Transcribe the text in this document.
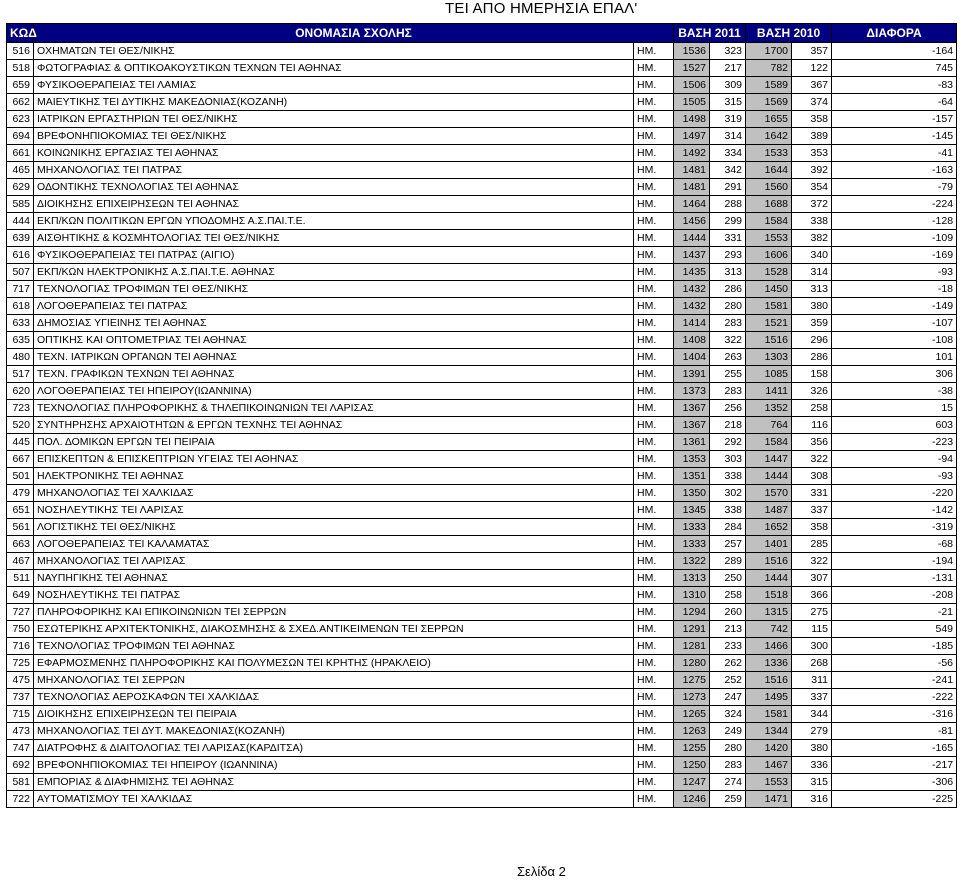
ΤΕΙ ΑΠΟ ΗΜΕΡΗΣΙΑ ΕΠΑΛ'
ΚΩΔ	ΟΝΟΜΑΣΙΑ ΣΧΟΛΗΣ		ΒΑΣΗ 2011		ΒΑΣΗ 2010		ΔΙΑΦΟΡΑ
516	ΟΧΗΜΑΤΩΝ ΤΕΙ ΘΕΣ/ΝΙΚΗΣ	ΗΜ.	1536	323	1700	357	-164
518	ΦΩΤΟΓΡΑΦΙΑΣ & ΟΠΤΙΚΟΑΚΟΥΣΤΙΚΩΝ ΤΕΧΝΩΝ ΤΕΙ ΑΘΗΝΑΣ	ΗΜ.	1527	217	782	122	745
659	ΦΥΣΙΚΟΘΕΡΑΠΕΙΑΣ ΤΕΙ ΛΑΜΙΑΣ	ΗΜ.	1506	309	1589	367	-83
662	ΜΑΙΕΥΤΙΚΗΣ ΤΕΙ ΔΥΤΙΚΗΣ ΜΑΚΕΔΟΝΙΑΣ(ΚΟΖΑΝΗ)	ΗΜ.	1505	315	1569	374	-64
623	ΙΑΤΡΙΚΩΝ ΕΡΓΑΣΤΗΡΙΩΝ ΤΕΙ ΘΕΣ/ΝΙΚΗΣ	ΗΜ.	1498	319	1655	358	-157
694	ΒΡΕΦΟΝΗΠΙΟΚΟΜΙΑΣ ΤΕΙ ΘΕΣ/ΝΙΚΗΣ	ΗΜ.	1497	314	1642	389	-145
661	ΚΟΙΝΩΝΙΚΗΣ ΕΡΓΑΣΙΑΣ ΤΕΙ ΑΘΗΝΑΣ	ΗΜ.	1492	334	1533	353	-41
465	ΜΗΧΑΝΟΛΟΓΙΑΣ ΤΕΙ ΠΑΤΡΑΣ	ΗΜ.	1481	342	1644	392	-163
629	ΟΔΟΝΤΙΚΗΣ ΤΕΧΝΟΛΟΓΙΑΣ ΤΕΙ ΑΘΗΝΑΣ	ΗΜ.	1481	291	1560	354	-79
585	ΔΙΟΙΚΗΣΗΣ ΕΠΙΧΕΙΡΗΣΕΩΝ ΤΕΙ ΑΘΗΝΑΣ	ΗΜ.	1464	288	1688	372	-224
444	ΕΚΠ/ΚΩΝ ΠΟΛΙΤΙΚΩΝ ΕΡΓΩΝ ΥΠΟΔΟΜΗΣ Α.Σ.ΠΑΙ.Τ.Ε.	ΗΜ.	1456	299	1584	338	-128
639	ΑΙΣΘΗΤΙΚΗΣ & ΚΟΣΜΗΤΟΛΟΓΙΑΣ ΤΕΙ ΘΕΣ/ΝΙΚΗΣ	ΗΜ.	1444	331	1553	382	-109
616	ΦΥΣΙΚΟΘΕΡΑΠΕΙΑΣ ΤΕΙ ΠΑΤΡΑΣ (ΑΙΓΙΟ)	ΗΜ.	1437	293	1606	340	-169
507	ΕΚΠ/ΚΩΝ ΗΛΕΚΤΡΟΝΙΚΗΣ Α.Σ.ΠΑΙ.Τ.Ε. ΑΘΗΝΑΣ	ΗΜ.	1435	313	1528	314	-93
717	ΤΕΧΝΟΛΟΓΙΑΣ ΤΡΟΦΙΜΩΝ ΤΕΙ ΘΕΣ/ΝΙΚΗΣ	ΗΜ.	1432	286	1450	313	-18
618	ΛΟΓΟΘΕΡΑΠΕΙΑΣ ΤΕΙ ΠΑΤΡΑΣ	ΗΜ.	1432	280	1581	380	-149
633	ΔΗΜΟΣΙΑΣ ΥΓΙΕΙΝΗΣ ΤΕΙ ΑΘΗΝΑΣ	ΗΜ.	1414	283	1521	359	-107
635	ΟΠΤΙΚΗΣ ΚΑΙ ΟΠΤΟΜΕΤΡΙΑΣ ΤΕΙ ΑΘΗΝΑΣ	ΗΜ.	1408	322	1516	296	-108
480	ΤΕΧΝ. ΙΑΤΡΙΚΩΝ ΟΡΓΑΝΩΝ ΤΕΙ ΑΘΗΝΑΣ	ΗΜ.	1404	263	1303	286	101
517	ΤΕΧΝ. ΓΡΑΦΙΚΩΝ ΤΕΧΝΩΝ ΤΕΙ ΑΘΗΝΑΣ	ΗΜ.	1391	255	1085	158	306
620	ΛΟΓΟΘΕΡΑΠΕΙΑΣ ΤΕΙ ΗΠΕΙΡΟΥ(ΙΩΑΝΝΙΝΑ)	ΗΜ.	1373	283	1411	326	-38
723	ΤΕΧΝΟΛΟΓΙΑΣ ΠΛΗΡΟΦΟΡΙΚΗΣ & ΤΗΛΕΠΙΚΟΙΝΩΝΙΩΝ ΤΕΙ ΛΑΡΙΣΑΣ	ΗΜ.	1367	256	1352	258	15
520	ΣΥΝΤΗΡΗΣΗΣ ΑΡΧΑΙΟΤΗΤΩΝ & ΕΡΓΩΝ ΤΕΧΝΗΣ ΤΕΙ ΑΘΗΝΑΣ	ΗΜ.	1367	218	764	116	603
445	ΠΟΛ. ΔΟΜΙΚΩΝ ΕΡΓΩΝ ΤΕΙ ΠΕΙΡΑΙΑ	ΗΜ.	1361	292	1584	356	-223
667	ΕΠΙΣΚΕΠΤΩΝ & ΕΠΙΣΚΕΠΤΡΙΩΝ ΥΓΕΙΑΣ ΤΕΙ ΑΘΗΝΑΣ	ΗΜ.	1353	303	1447	322	-94
501	ΗΛΕΚΤΡΟΝΙΚΗΣ ΤΕΙ ΑΘΗΝΑΣ	ΗΜ.	1351	338	1444	308	-93
479	ΜΗΧΑΝΟΛΟΓΙΑΣ ΤΕΙ ΧΑΛΚΙΔΑΣ	ΗΜ.	1350	302	1570	331	-220
651	ΝΟΣΗΛΕΥΤΙΚΗΣ ΤΕΙ ΛΑΡΙΣΑΣ	ΗΜ.	1345	338	1487	337	-142
561	ΛΟΓΙΣΤΙΚΗΣ ΤΕΙ ΘΕΣ/ΝΙΚΗΣ	ΗΜ.	1333	284	1652	358	-319
663	ΛΟΓΟΘΕΡΑΠΕΙΑΣ ΤΕΙ ΚΑΛΑΜΑΤΑΣ	ΗΜ.	1333	257	1401	285	-68
467	ΜΗΧΑΝΟΛΟΓΙΑΣ ΤΕΙ ΛΑΡΙΣΑΣ	ΗΜ.	1322	289	1516	322	-194
511	ΝΑΥΠΗΓΙΚΗΣ ΤΕΙ ΑΘΗΝΑΣ	ΗΜ.	1313	250	1444	307	-131
649	ΝΟΣΗΛΕΥΤΙΚΗΣ ΤΕΙ ΠΑΤΡΑΣ	ΗΜ.	1310	258	1518	366	-208
727	ΠΛΗΡΟΦΟΡΙΚΗΣ ΚΑΙ ΕΠΙΚΟΙΝΩΝΙΩΝ ΤΕΙ ΣΕΡΡΩΝ	ΗΜ.	1294	260	1315	275	-21
750	ΕΣΩΤΕΡΙΚΗΣ ΑΡΧΙΤΕΚΤΟΝΙΚΗΣ, ΔΙΑΚΟΣΜΗΣΗΣ & ΣΧΕΔ.ΑΝΤΙΚΕΙΜΕΝΩΝ ΤΕΙ ΣΕΡΡΩΝ	ΗΜ.	1291	213	742	115	549
716	ΤΕΧΝΟΛΟΓΙΑΣ ΤΡΟΦΙΜΩΝ ΤΕΙ ΑΘΗΝΑΣ	ΗΜ.	1281	233	1466	300	-185
725	ΕΦΑΡΜΟΣΜΕΝΗΣ ΠΛΗΡΟΦΟΡΙΚΗΣ ΚΑΙ ΠΟΛΥΜΕΣΩΝ ΤΕΙ ΚΡΗΤΗΣ (ΗΡΑΚΛΕΙΟ)	ΗΜ.	1280	262	1336	268	-56
475	ΜΗΧΑΝΟΛΟΓΙΑΣ ΤΕΙ ΣΕΡΡΩΝ	ΗΜ.	1275	252	1516	311	-241
737	ΤΕΧΝΟΛΟΓΙΑΣ ΑΕΡΟΣΚΑΦΩΝ ΤΕΙ ΧΑΛΚΙΔΑΣ	ΗΜ.	1273	247	1495	337	-222
715	ΔΙΟΙΚΗΣΗΣ ΕΠΙΧΕΙΡΗΣΕΩΝ ΤΕΙ ΠΕΙΡΑΙΑ	ΗΜ.	1265	324	1581	344	-316
473	ΜΗΧΑΝΟΛΟΓΙΑΣ ΤΕΙ ΔΥΤ. ΜΑΚΕΔΟΝΙΑΣ(ΚΟΖΑΝΗ)	ΗΜ.	1263	249	1344	279	-81
747	ΔΙΑΤΡΟΦΗΣ & ΔΙΑΙΤΟΛΟΓΙΑΣ ΤΕΙ ΛΑΡΙΣΑΣ(ΚΑΡΔΙΤΣΑ)	ΗΜ.	1255	280	1420	380	-165
692	ΒΡΕΦΟΝΗΠΙΟΚΟΜΙΑΣ ΤΕΙ ΗΠΕΙΡΟΥ (ΙΩΑΝΝΙΝΑ)	ΗΜ.	1250	283	1467	336	-217
581	ΕΜΠΟΡΙΑΣ & ΔΙΑΦΗΜΙΣΗΣ ΤΕΙ ΑΘΗΝΑΣ	ΗΜ.	1247	274	1553	315	-306
722	ΑΥΤΟΜΑΤΙΣΜΟΥ ΤΕΙ ΧΑΛΚΙΔΑΣ	ΗΜ.	1246	259	1471	316	-225
Σελίδα 2
